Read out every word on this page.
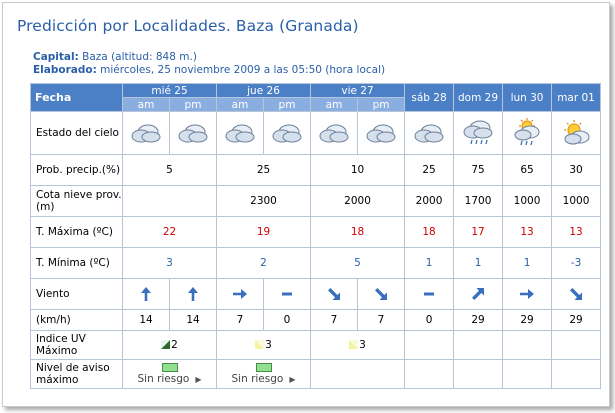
Predicción por Localidades. Baza (Granada)
Capital: Baza (altitud: 848 m.)
Elaborado: miércoles, 25 noviembre 2009 a las 05:50 (hora local)
Fecha	mié 25		jue 26		vie 27		sáb 28	dom 29	lun 30	mar 01
	am	pm	am	pm	am	pm				
Estado del cielo	

Prob. precip.(%)	5		25		10		25	75	65	30
Cota nieve prov.(m)			2300		2000		2000	1700	1000	1000
T. Máxima (ºC)	22		19		18		18	17	13	13
T. Mínima (ºC)	3		2		5		1	1	1	-3
Viento	

(km/h)	14	14	7	0	7	7	0	29	29	29
Indice UV Máximo	2		3		3					
Nivel de aviso máximo	Sin riesgo ▶		Sin riesgo ▶							
